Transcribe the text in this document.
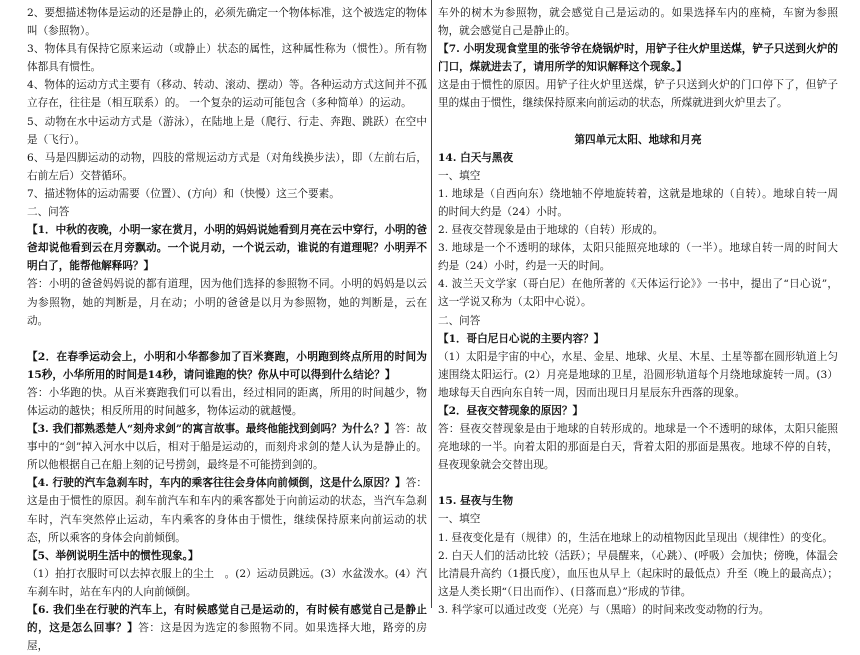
2、要想描述物体是运动的还是静止的，必须先确定一个物体标准，这个被选定的物体叫（参照物）。

3、物体具有保持它原来运动（或静止）状态的属性，这种属性称为（惯性）。所有物体都具有惯性。

4、物体的运动方式主要有（移动、转动、滚动、摆动）等。各种运动方式这间并不孤立存在，往往是（相互联系）的。 一个复杂的运动可能包含（多种简单）的运动。

5、动物在水中运动方式是（游泳），在陆地上是（爬行、行走、奔跑、跳跃）在空中是（飞行）。

6、马是四脚运动的动物，四肢的常规运动方式是（对角线换步法），即（左前右后，右前左后）交替循环。

7、描述物体的运动需要（位置）、(方向）和（快慢）这三个要素。

二、问答

【1．中秋的夜晚，小明一家在赏月，小明的妈妈说她看到月亮在云中穿行，小明的爸爸却说他看到云在月旁飘动。一个说月动，一个说云动，谁说的有道理呢？小明弄不明白了，能帮他解释吗？】

答：小明的爸爸妈妈说的都有道理，因为他们选择的参照物不同。小明的妈妈是以云为参照物，她的判断是，月在动；小明的爸爸是以月为参照物，她的判断是，云在动。

【2．在春季运动会上，小明和小华都参加了百米赛跑，小明跑到终点所用的时间为15秒，小华所用的时间是14秒，请问谁跑的快？你从中可以得到什么结论？】

答：小华跑的快。从百米赛跑我们可以看出，经过相同的距离，所用的时间越少，物体运动的越快；相反所用的时间越多，物体运动的就越慢。

【3. 我们都熟悉楚人“刻舟求剑”的寓言故事。最终他能找到剑吗？为什么？】答：故事中的“剑”掉入河水中以后，相对于船是运动的，而刻舟求剑的楚人认为是静止的。所以他根据自己在船上刻的记号捞剑，最终是不可能捞到剑的。

【4. 行驶的汽车急刹车时，车内的乘客往往会身体向前倾倒，这是什么原因？】答：这是由于惯性的原因。刹车前汽车和车内的乘客都处于向前运动的状态，当汽车急刹车时，汽车突然停止运动，车内乘客的身体由于惯性，继续保持原来向前运动的状态，所以乘客的身体会向前倾倒。

【5、举例说明生活中的惯性现象。】

（1）拍打衣服时可以去掉衣服上的尘土　。(2）运动员跳远。(3）水盆泼水。(4）汽车刹车时，站在车内的人向前倾倒。

【6. 我们坐在行驶的汽车上，有时候感觉自己是运动的，有时候有感觉自己是静止的，这是怎么回事？】答：这是因为选定的参照物不同。如果选择大地，路旁的房屋，

车外的树木为参照物，就会感觉自己是运动的。如果选择车内的座椅，车窗为参照物，就会感觉自己是静止的。

【7. 小明发现食堂里的张爷爷在烧锅炉时，用铲子往火炉里送煤，铲子只送到火炉的门口，煤就进去了，请用所学的知识解释这个现象。】

这是由于惯性的原因。用铲子往火炉里送煤，铲子只送到火炉的门口停下了，但铲子里的煤由于惯性，继续保持原来向前运动的状态，所煤就进到火炉里去了。

第四单元太阳、地球和月亮

14. 白天与黑夜

一、填空

1. 地球是（自西向东）绕地轴不停地旋转着，这就是地球的（自转）。地球自转一周的时间大约是（24）小时。

2. 昼夜交替现象是由于地球的（自转）形成的。

3. 地球是一个不透明的球体，太阳只能照亮地球的（一半）。地球自转一周的时间大约是（24）小时，约是一天的时间。

4. 波兰天文学家（哥白尼）在他所著的《天体运行论》》一书中，提出了“日心说”，这一学说又称为（太阳中心说）。

二、问答

【1．哥白尼日心说的主要内容？】

（1）太阳是宇宙的中心，水星、金星、地球、火星、木星、土星等都在圆形轨道上匀速围绕太阳运行。(2）月亮是地球的卫星，沿圆形轨道每个月绕地球旋转一周。(3）地球每天自西向东自转一周，因而出现日月星辰东升西落的现象。

【2．昼夜交替现象的原因？】

答：昼夜交替现象是由于地球的自转形成的。地球是一个不透明的球体，太阳只能照亮地球的一半。向着太阳的那面是白天，背着太阳的那面是黑夜。地球不停的自转，昼夜现象就会交替出现。

15. 昼夜与生物

一、填空

1. 昼夜变化是有（规律）的，生活在地球上的动植物因此呈现出（规律性）的变化。

2. 白天人们的活动比较（活跃）；早晨醒来，（心跳）、(呼吸）会加快；傍晚，体温会比清晨升高约（1摄氏度），血压也从早上（起床时的最低点）升至（晚上的最高点）；这是人类长期“（日出而作）、(日落而息）”形成的节律。

3. 科学家可以通过改变（光亮）与（黑暗）的时间来改变动物的行为。
